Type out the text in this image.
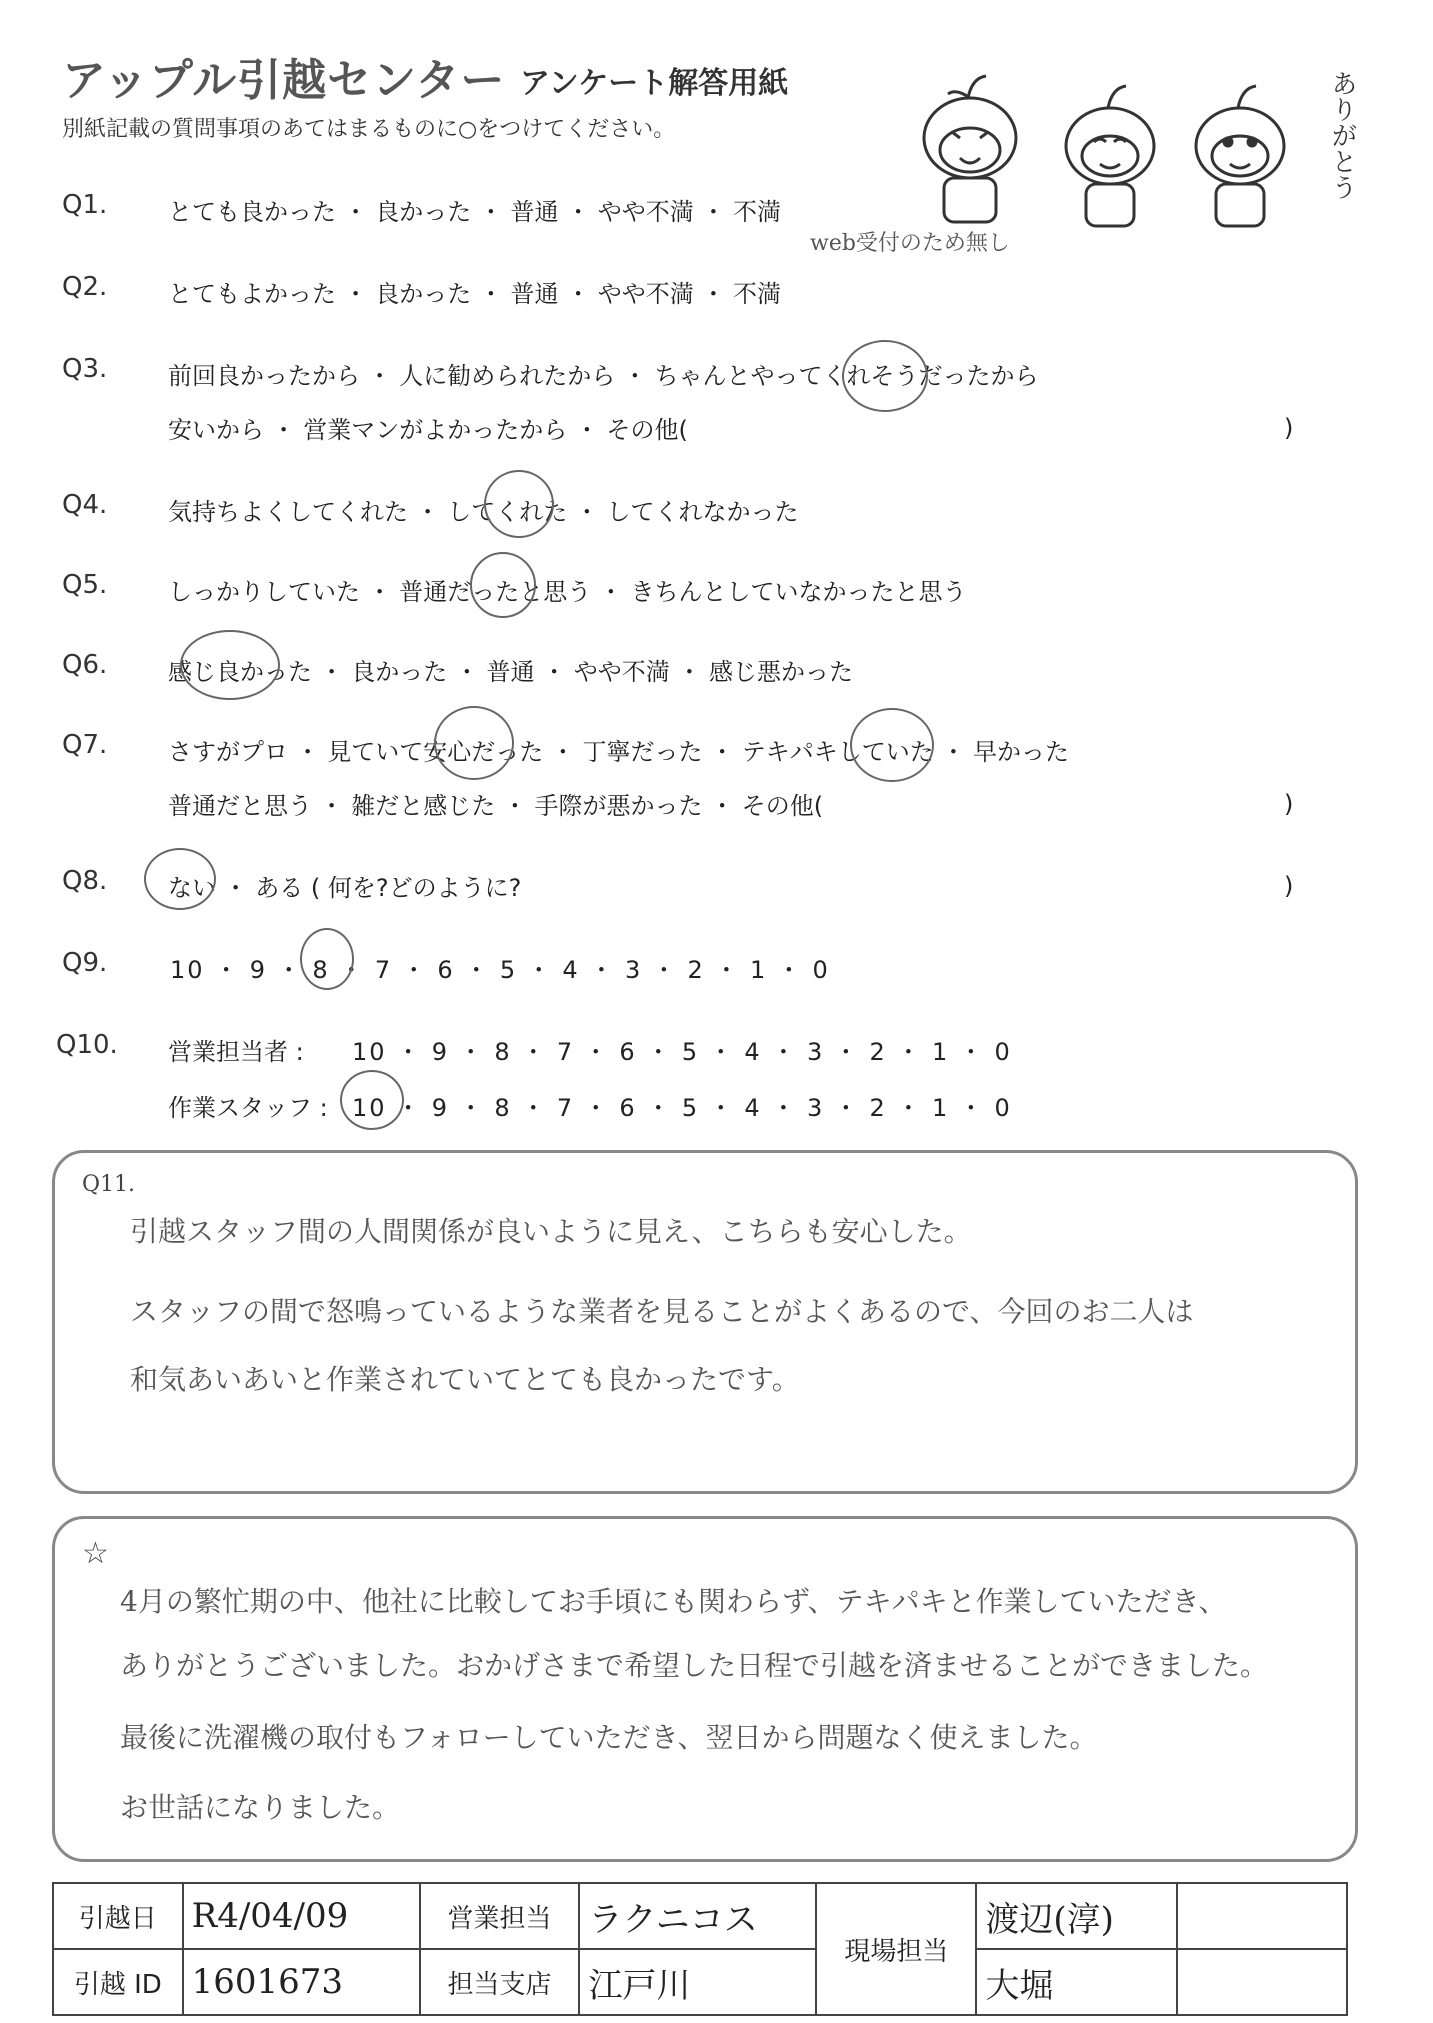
アップル引越センター アンケート解答用紙
別紙記載の質問事項のあてはまるものに○をつけてください。	ありがとう
Q1.	とても良かった ・ 良かった ・ 普通 ・ やや不満 ・ 不満
web受付のため無し
Q2.	とてもよかった ・ 良かった ・ 普通 ・ やや不満 ・ 不満
Q3.	前回良かったから ・ 人に勧められたから ・ ちゃんとやってくれそうだったから
安いから ・ 営業マンがよかったから ・ その他(	)
Q4.	気持ちよくしてくれた ・ してくれた ・ してくれなかった
Q5.	しっかりしていた ・ 普通だったと思う ・ きちんとしていなかったと思う
Q6.	感じ良かった ・ 良かった ・ 普通 ・ やや不満 ・ 感じ悪かった
Q7.	さすがプロ ・ 見ていて安心だった ・ 丁寧だった ・ テキパキしていた ・ 早かった
普通だと思う ・ 雑だと感じた ・ 手際が悪かった ・ その他(	)
Q8.	ない ・ ある ( 何を?どのように?	)
Q9.	10 ・ 9 ・ 8 ・ 7 ・ 6 ・ 5 ・ 4 ・ 3 ・ 2 ・ 1 ・ 0
Q10. 営業担当者 : 10 ・ 9 ・ 8 ・ 7 ・ 6 ・ 5 ・ 4 ・ 3 ・ 2 ・ 1 ・ 0
作業スタッフ : 10 ・ 9 ・ 8 ・ 7 ・ 6 ・ 5 ・ 4 ・ 3 ・ 2 ・ 1 ・ 0
Q11.
引越スタッフ間の人間関係が良いように見え、こちらも安心した。
スタッフの間で怒鳴っているような業者を見ることがよくあるので、今回のお二人は
和気あいあいと作業されていてとても良かったです。
☆
4月の繁忙期の中、他社に比較してお手頃にも関わらず、テキパキと作業していただき、
ありがとうございました。おかげさまで希望した日程で引越を済ませることができました。
最後に洗濯機の取付もフォローしていただき、翌日から問題なく使えました。
お世話になりました。
引越日	R4/04/09	営業担当	ラクニコス	現場担当	渡辺(淳)	
引越 ID	1601673	担当支店	江戸川		大堀	
